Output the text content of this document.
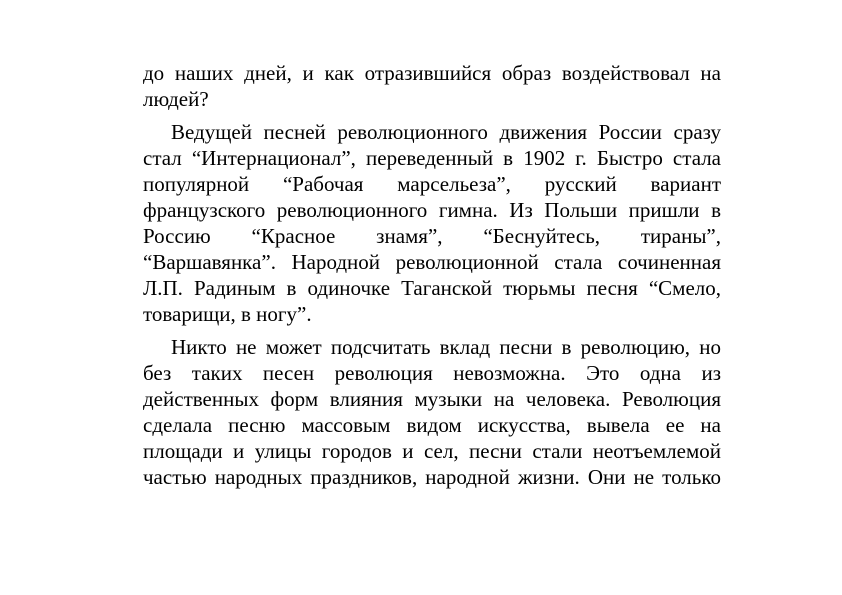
до наших дней, и как отразившийся образ воздействовал на
людей?

Ведущей песней революционного движения России сразу
стал “Интернационал”, переведенный в 1902 г. Быстро стала
популярной “Рабочая марсельеза”, русский вариант
французского революционного гимна. Из Польши пришли в
Россию “Красное знамя”, “Беснуйтесь, тираны”,
“Варшавянка”. Народной революционной стала сочиненная
Л.П. Радиным в одиночке Таганской тюрьмы песня “Смело,
товарищи, в ногу”.

Никто не может подсчитать вклад песни в революцию, но
без таких песен революция невозможна. Это одна из
действенных форм влияния музыки на человека. Революция
сделала песню массовым видом искусства, вывела ее на
площади и улицы городов и сел, песни стали неотъемлемой
частью народных праздников, народной жизни. Они не только
